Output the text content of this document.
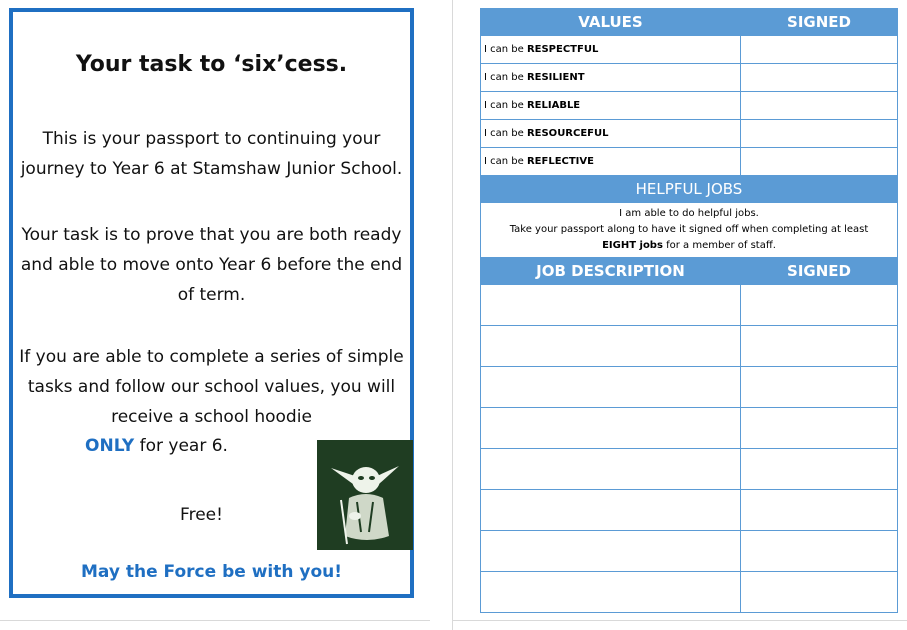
Your task to ‘six’cess.
This is your passport to continuing your journey to Year 6 at Stamshaw Junior School.
Your task is to prove that you are both ready and able to move onto Year 6 before the end of term.
If you are able to complete a series of simple tasks and follow our school values, you will receive a school hoodie
ONLY for year 6.
Free!
May the Force be with you!
VALUES	SIGNED
I can be RESPECTFUL	
I can be RESILIENT	
I can be RELIABLE	
I can be RESOURCEFUL	
I can be REFLECTIVE	
HELPFUL JOBS	

I am able to do helpful jobs.
Take your passport along to have it signed off when completing at least
EIGHT jobs for a member of staff.	

JOB DESCRIPTION	SIGNED
